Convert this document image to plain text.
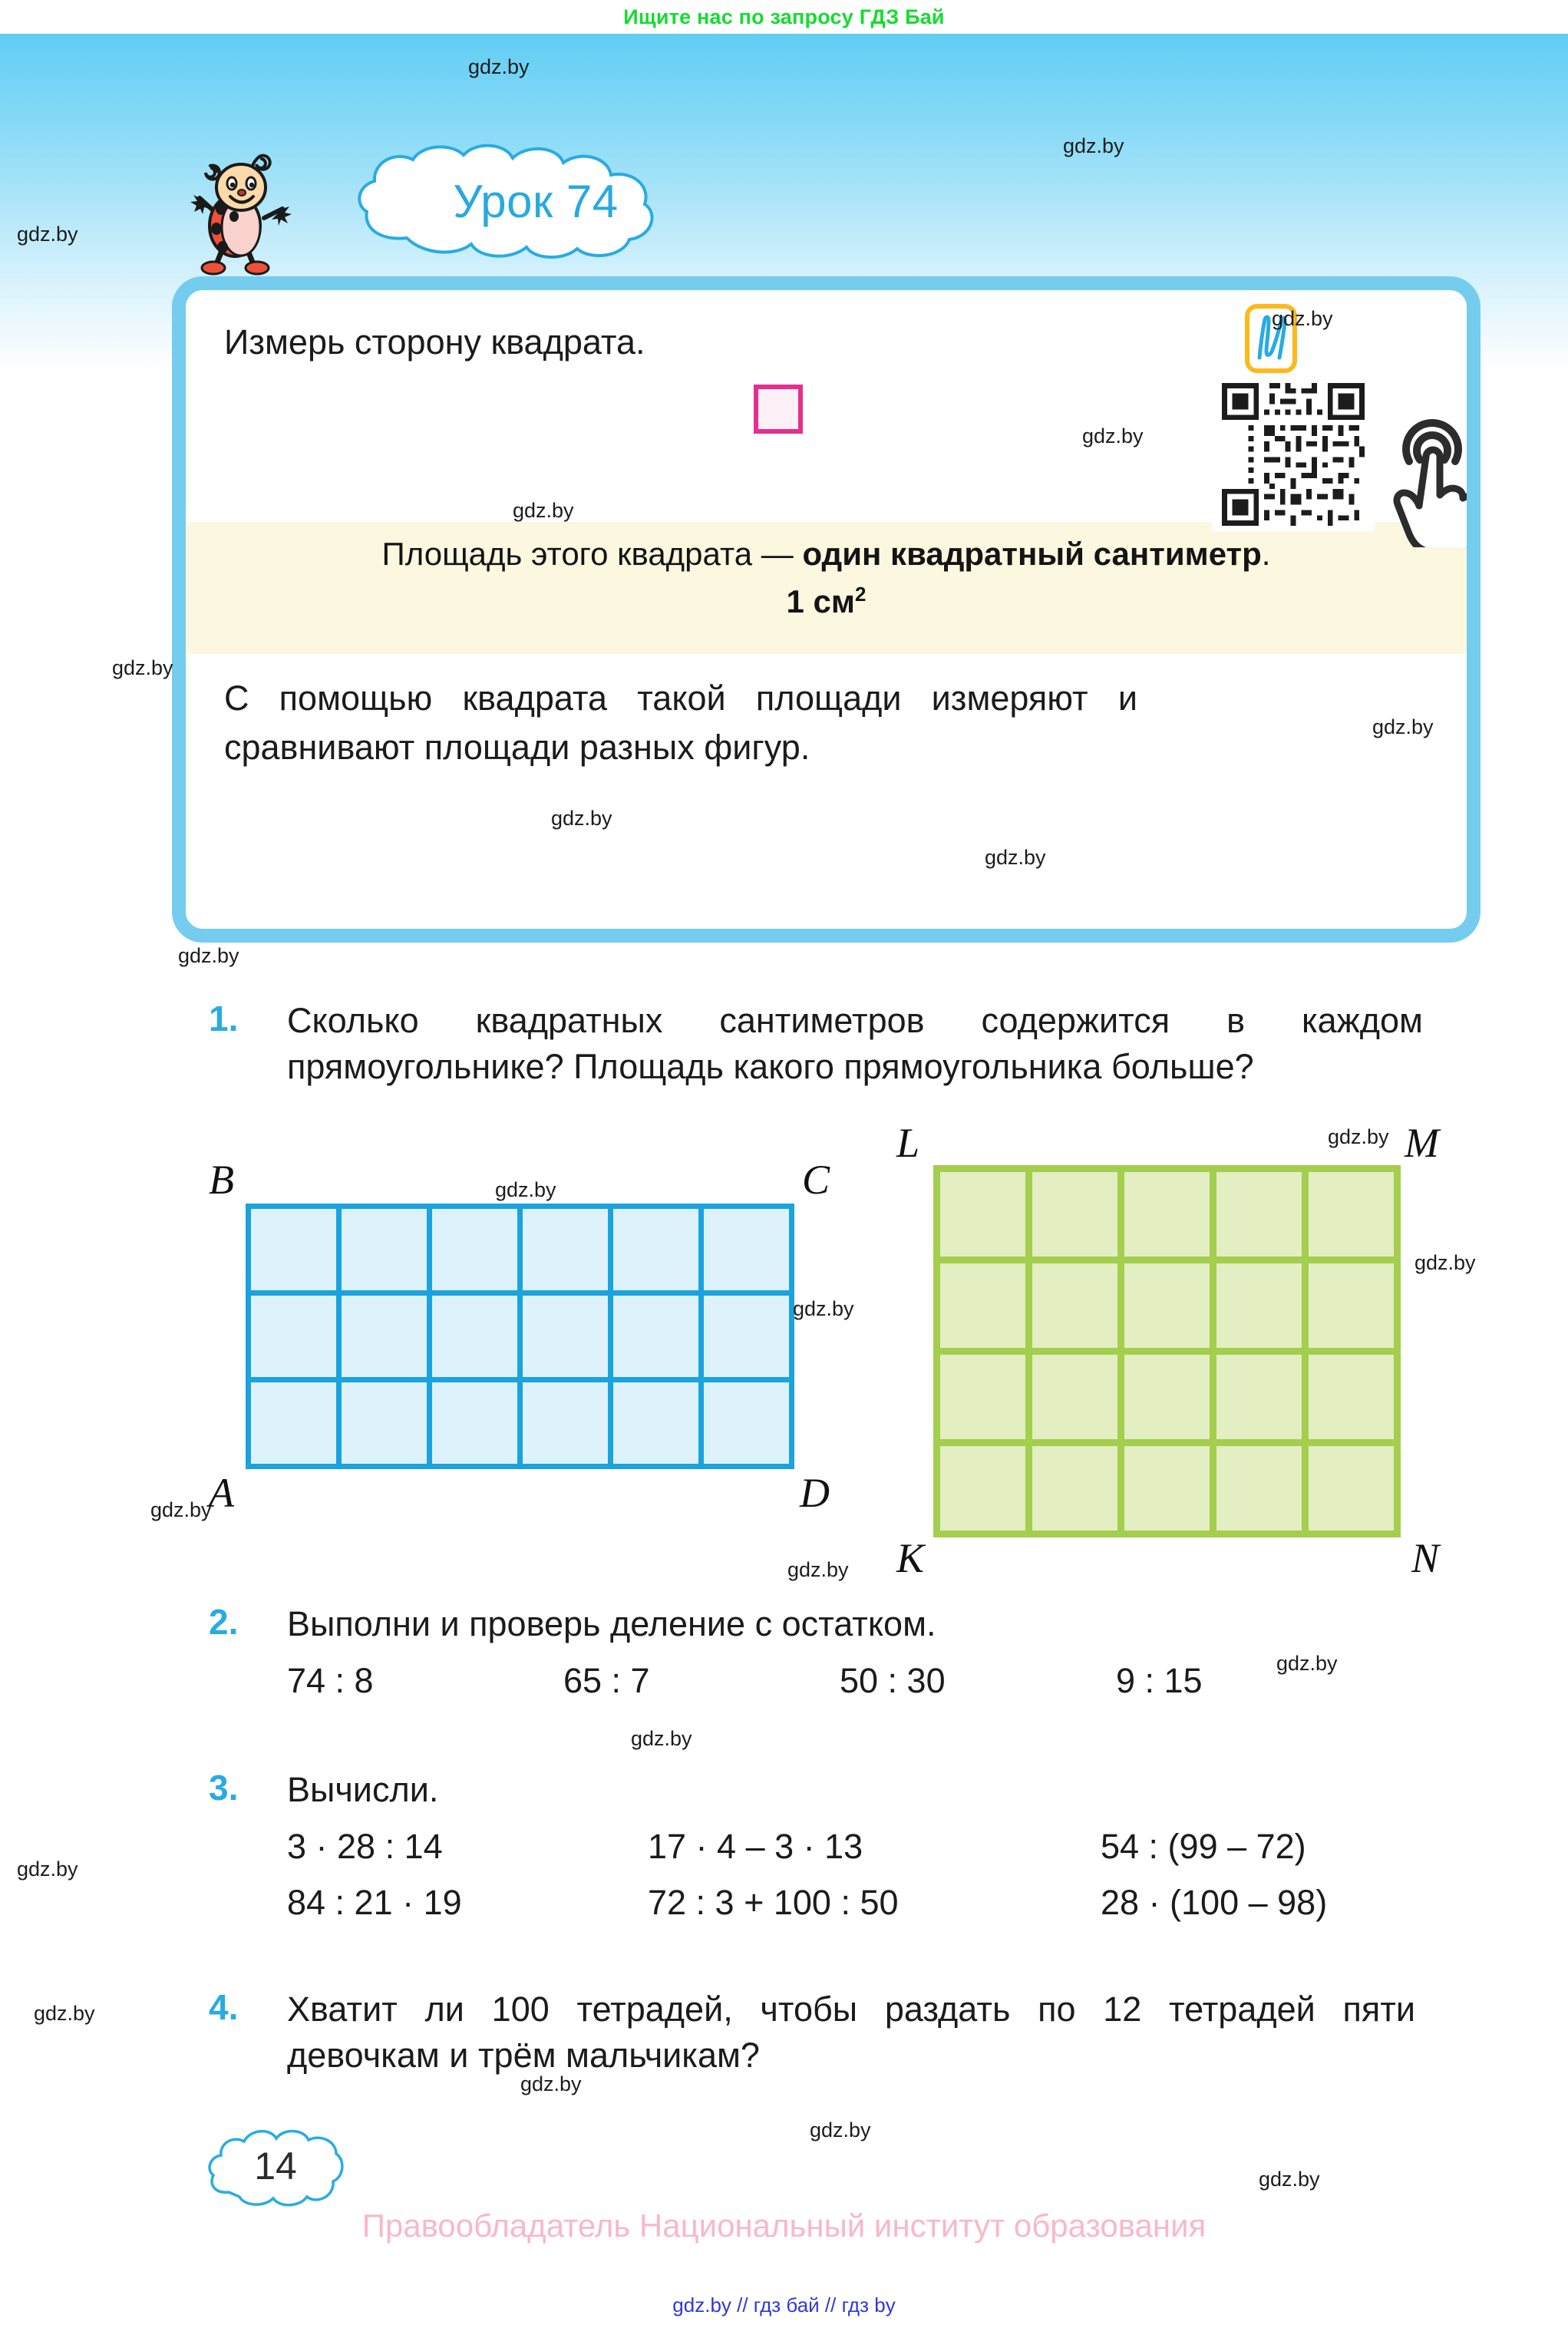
Ищите нас по запросу ГДЗ Бай
Урок 74
Измерь сторону квадрата.
Площадь этого квадрата — один квадратный сантиметр.
1 $см^2$
С помощью квадрата такой площади измеряют и сравнивают площади разных фигур.
1.	Сколько квадратных сантиметров содержится в каждом прямоугольнике? Площадь какого прямоугольника больше?
B	C
A	D
L	M
K	N
2.	Выполни и проверь деление с остатком.
74 : 8	65 : 7	50 : 30	9 : 15
3.	Вычисли.
3 · 28 : 14	17 · 4 – 3 · 13	54 : (99 – 72)
84 : 21 · 19	72 : 3 + 100 : 50	28 · (100 – 98)
4.	Хватит ли 100 тетрадей, чтобы раздать по 12 тетрадей пяти девочкам и трём мальчикам?
14
Правообладатель Национальный институт образования
gdz.by // гдз бай // гдз by
gdz.by
gdz.by
gdz.by
gdz.by
gdz.by
gdz.by
gdz.by
gdz.by
gdz.by
gdz.by
gdz.by
gdz.by
gdz.by
gdz.by
gdz.by
gdz.by
gdz.by
gdz.by
gdz.by
gdz.by
gdz.by
gdz.by
gdz.by
gdz.by
